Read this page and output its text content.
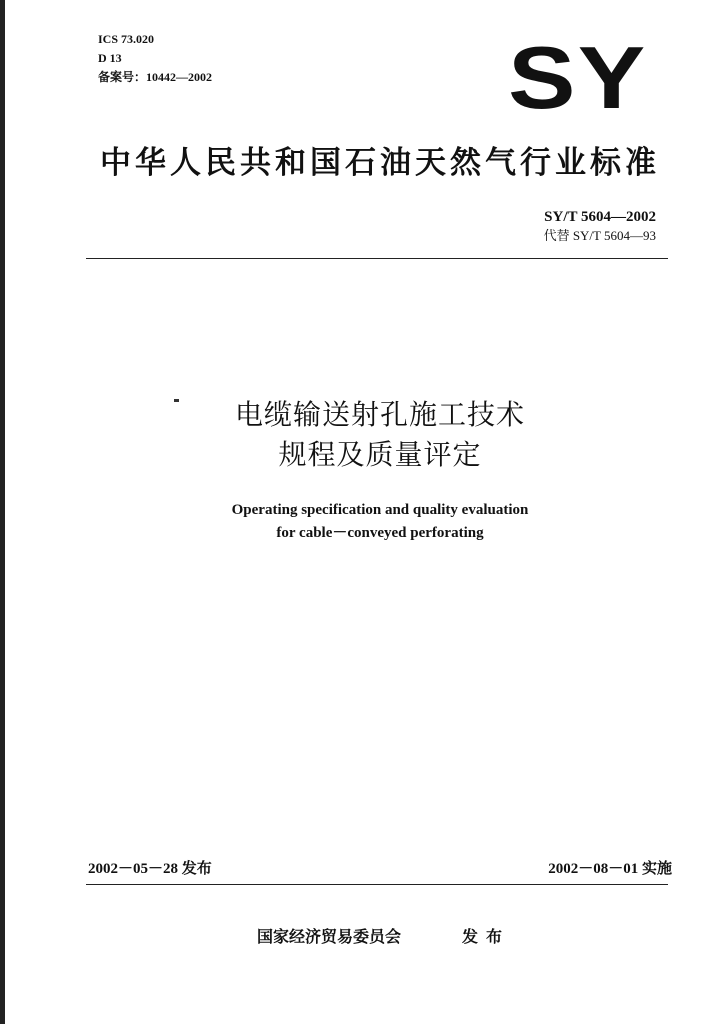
ICS 73.020
D 13
备案号：10442—2002	SY
中华人民共和国石油天然气行业标准
SY/T 5604—2002
代替 SY/T 5604—93
电缆输送射孔施工技术
规程及质量评定
Operating specification and quality evaluation
for cable－conveyed perforating
2002－05－28 发布	2002－08－01 实施
国家经济贸易委员会	发布
